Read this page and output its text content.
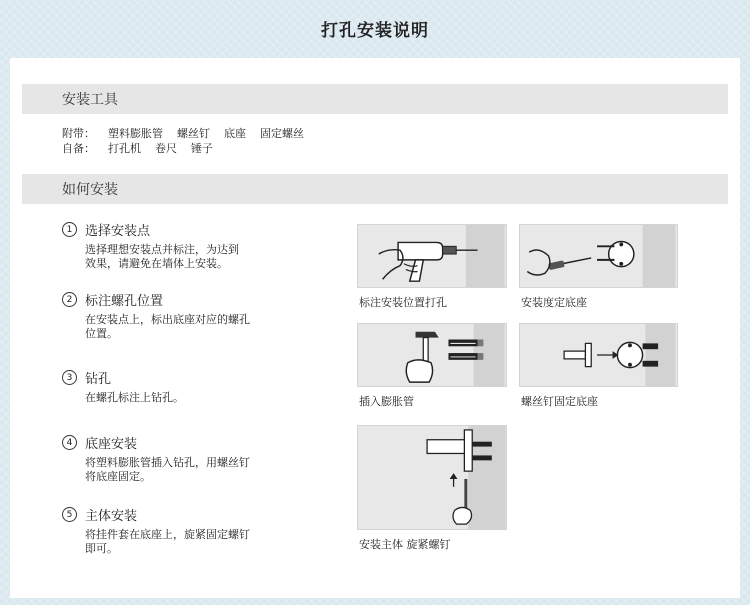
打孔安装说明
安装工具
附带：	塑料膨胀管 螺丝钉 底座 固定螺丝
自备：	打孔机 卷尺 锤子
如何安装
1 选择安装点
选择理想安装点并标注，为达到
效果，请避免在墙体上安装。
2 标注螺孔位置
在安装点上，标出底座对应的螺孔
位置。
3 钻孔
在螺孔标注上钻孔。
4 底座安装
将塑料膨胀管插入钻孔，用螺丝钉
将底座固定。
5 主体安装
将挂件套在底座上，旋紧固定螺钉
即可。
标注安装位置打孔	安装度定底座
插入膨胀管	螺丝钉固定底座
安装主体 旋紧螺钉
